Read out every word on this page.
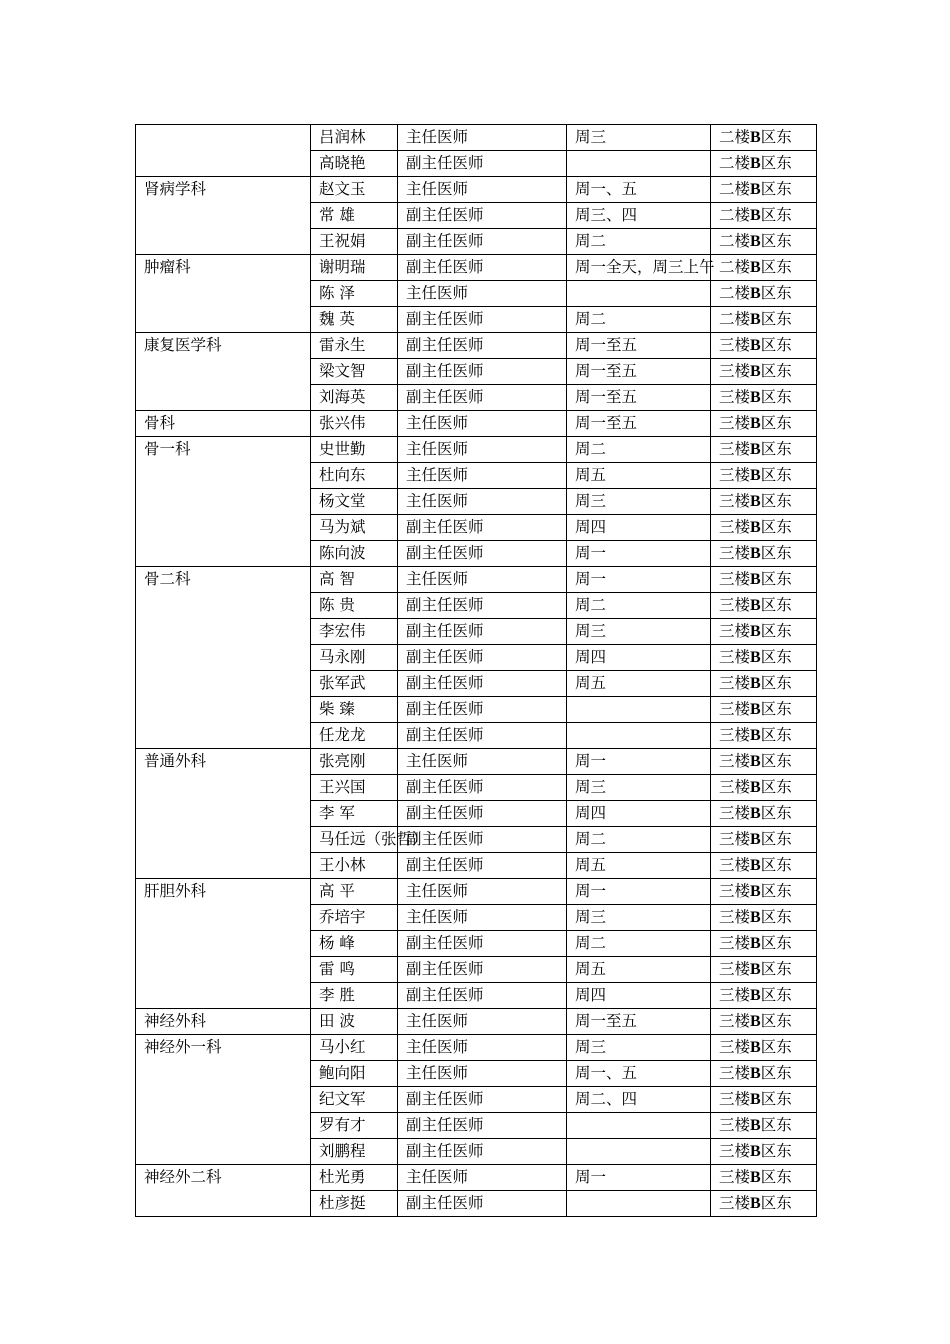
	吕润林	主任医师	周三	二楼B区东
	高晓艳	副主任医师		二楼B区东
肾病学科	赵文玉	主任医师	周一、五	二楼B区东
	常 雄	副主任医师	周三、四	二楼B区东
	王祝娟	副主任医师	周二	二楼B区东
肿瘤科	谢明瑞	副主任医师	周一全天，周三上午	二楼B区东
	陈 泽	主任医师		二楼B区东
	魏 英	副主任医师	周二	二楼B区东
康复医学科	雷永生	副主任医师	周一至五	三楼B区东
	梁文智	副主任医师	周一至五	三楼B区东
	刘海英	副主任医师	周一至五	三楼B区东
骨科	张兴伟	主任医师	周一至五	三楼B区东
骨一科	史世勤	主任医师	周二	三楼B区东
	杜向东	主任医师	周五	三楼B区东
	杨文堂	主任医师	周三	三楼B区东
	马为斌	副主任医师	周四	三楼B区东
	陈向波	副主任医师	周一	三楼B区东
骨二科	高 智	主任医师	周一	三楼B区东
	陈 贵	副主任医师	周二	三楼B区东
	李宏伟	副主任医师	周三	三楼B区东
	马永刚	副主任医师	周四	三楼B区东
	张军武	副主任医师	周五	三楼B区东
	柴 臻	副主任医师		三楼B区东
	任龙龙	副主任医师		三楼B区东
普通外科	张亮刚	主任医师	周一	三楼B区东
	王兴国	副主任医师	周三	三楼B区东
	李 军	副主任医师	周四	三楼B区东
	马任远（张哲）	副主任医师	周二	三楼B区东
	王小林	副主任医师	周五	三楼B区东
肝胆外科	高 平	主任医师	周一	三楼B区东
	乔培宇	主任医师	周三	三楼B区东
	杨 峰	副主任医师	周二	三楼B区东
	雷 鸣	副主任医师	周五	三楼B区东
	李 胜	副主任医师	周四	三楼B区东
神经外科	田 波	主任医师	周一至五	三楼B区东
神经外一科	马小红	主任医师	周三	三楼B区东
	鲍向阳	主任医师	周一、五	三楼B区东
	纪文军	副主任医师	周二、四	三楼B区东
	罗有才	副主任医师		三楼B区东
	刘鹏程	副主任医师		三楼B区东
神经外二科	杜光勇	主任医师	周一	三楼B区东
	杜彦挺	副主任医师		三楼B区东
